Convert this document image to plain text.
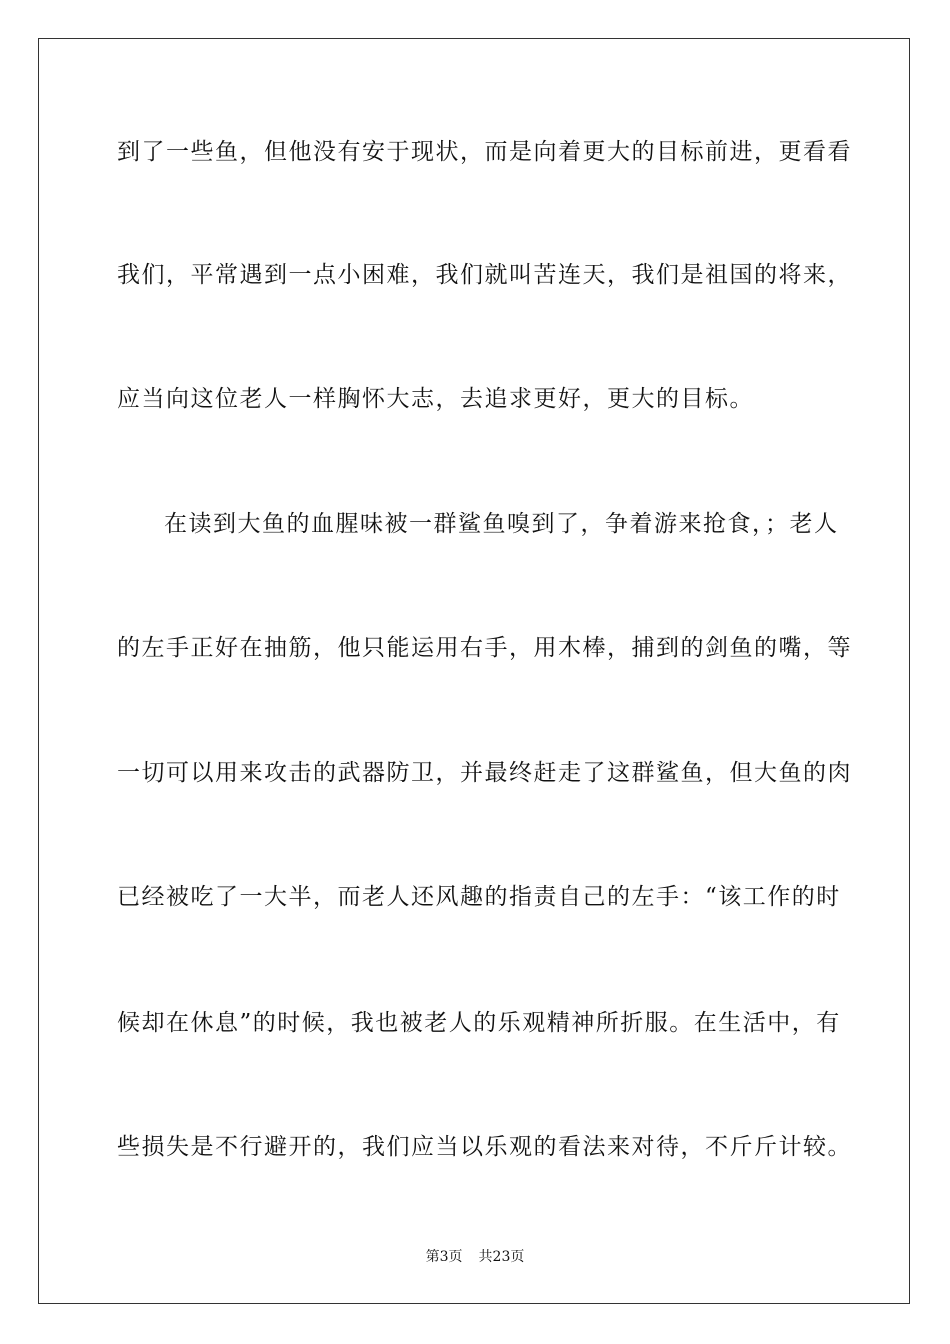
到了一些鱼，但他没有安于现状，而是向着更大的目标前进，更看看
我们，平常遇到一点小困难，我们就叫苦连天，我们是祖国的将来，
应当向这位老人一样胸怀大志，去追求更好，更大的目标。
在读到大鱼的血腥味被一群鲨鱼嗅到了，争着游来抢食，；老人
的左手正好在抽筋，他只能运用右手，用木棒，捕到的剑鱼的嘴，等
一切可以用来攻击的武器防卫，并最终赶走了这群鲨鱼，但大鱼的肉
已经被吃了一大半，而老人还风趣的指责自己的左手：“该工作的时
候却在休息”的时候，我也被老人的乐观精神所折服。在生活中，有
些损失是不行避开的，我们应当以乐观的看法来对待，不斤斤计较。
第3页 共23页
